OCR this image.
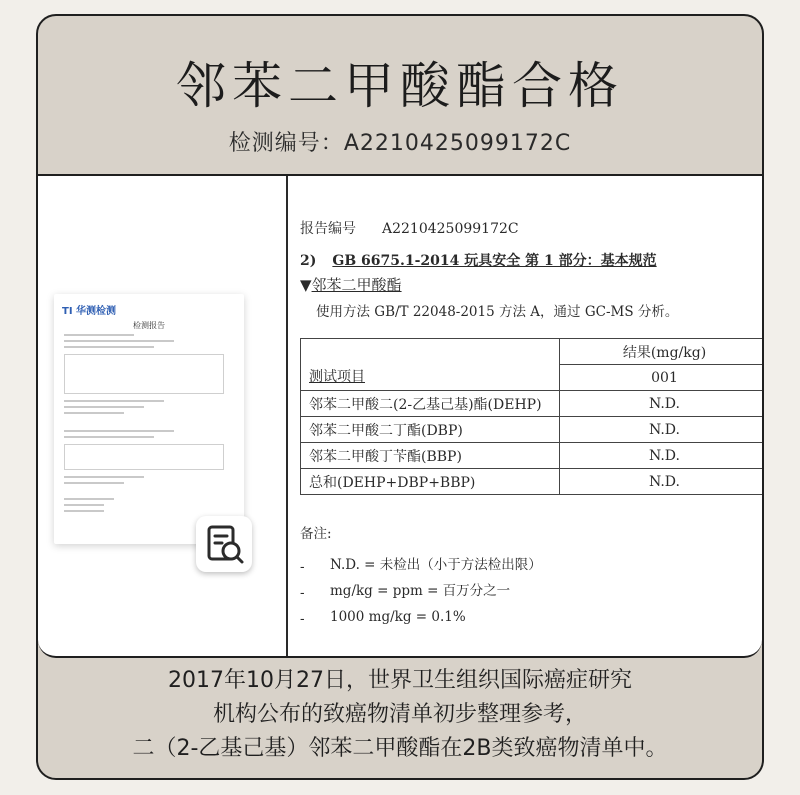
邻苯二甲酸酯合格
检测编号：A2210425099172C
TI 华测检测
检测报告
报告编号 A2210425099172C
2) GB 6675.1-2014 玩具安全 第 1 部分：基本规范
▼邻苯二甲酸酯
使用方法 GB/T 22048-2015 方法 A，通过 GC-MS 分析。
测试项目	结果(mg/kg)
	001
邻苯二甲酸二(2-乙基己基)酯(DEHP)	N.D.
邻苯二甲酸二丁酯(DBP)	N.D.
邻苯二甲酸丁苄酯(BBP)	N.D.
总和(DEHP+DBP+BBP)	N.D.
备注:
- N.D. = 未检出（小于方法检出限）
- mg/kg = ppm = 百万分之一
- 1000 mg/kg = 0.1%
2017年10月27日，世界卫生组织国际癌症研究
机构公布的致癌物清单初步整理参考，
二（2-乙基己基）邻苯二甲酸酯在2B类致癌物清单中。
